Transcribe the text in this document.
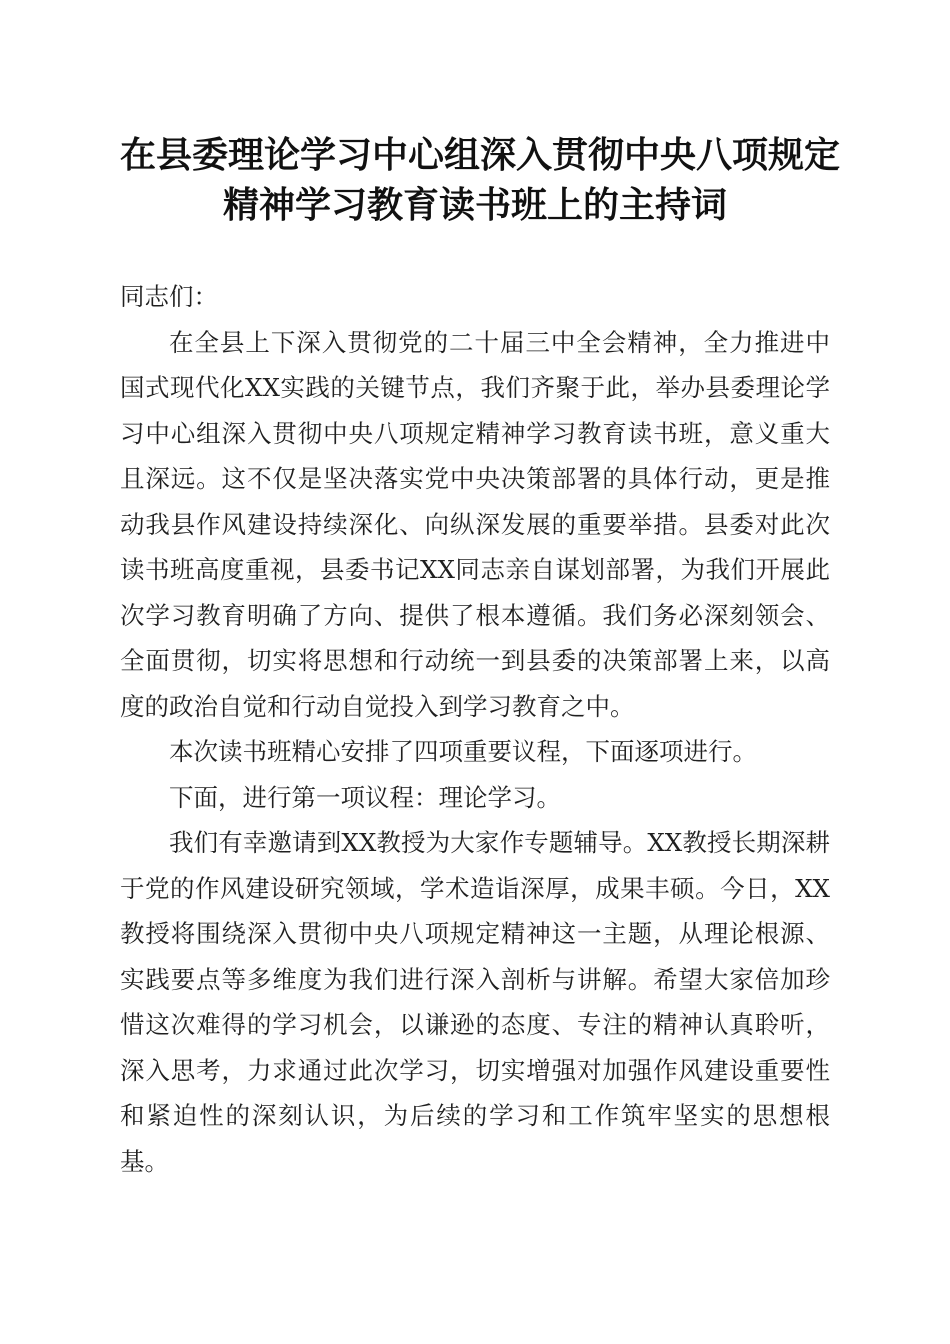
在县委理论学习中心组深入贯彻中央八项规定
精神学习教育读书班上的主持词

同志们：

在全县上下深入贯彻党的二十届三中全会精神，全力推进中国式现代化XX实践的关键节点，我们齐聚于此，举办县委理论学习中心组深入贯彻中央八项规定精神学习教育读书班，意义重大且深远。这不仅是坚决落实党中央决策部署的具体行动，更是推动我县作风建设持续深化、向纵深发展的重要举措。县委对此次读书班高度重视，县委书记XX同志亲自谋划部署，为我们开展此次学习教育明确了方向、提供了根本遵循。我们务必深刻领会、全面贯彻，切实将思想和行动统一到县委的决策部署上来，以高度的政治自觉和行动自觉投入到学习教育之中。

本次读书班精心安排了四项重要议程，下面逐项进行。

下面，进行第一项议程：理论学习。

我们有幸邀请到XX教授为大家作专题辅导。XX教授长期深耕于党的作风建设研究领域，学术造诣深厚，成果丰硕。今日，XX教授将围绕深入贯彻中央八项规定精神这一主题，从理论根源、实践要点等多维度为我们进行深入剖析与讲解。希望大家倍加珍惜这次难得的学习机会，以谦逊的态度、专注的精神认真聆听，深入思考，力求通过此次学习，切实增强对加强作风建设重要性和紧迫性的深刻认识，为后续的学习和工作筑牢坚实的思想根基。
